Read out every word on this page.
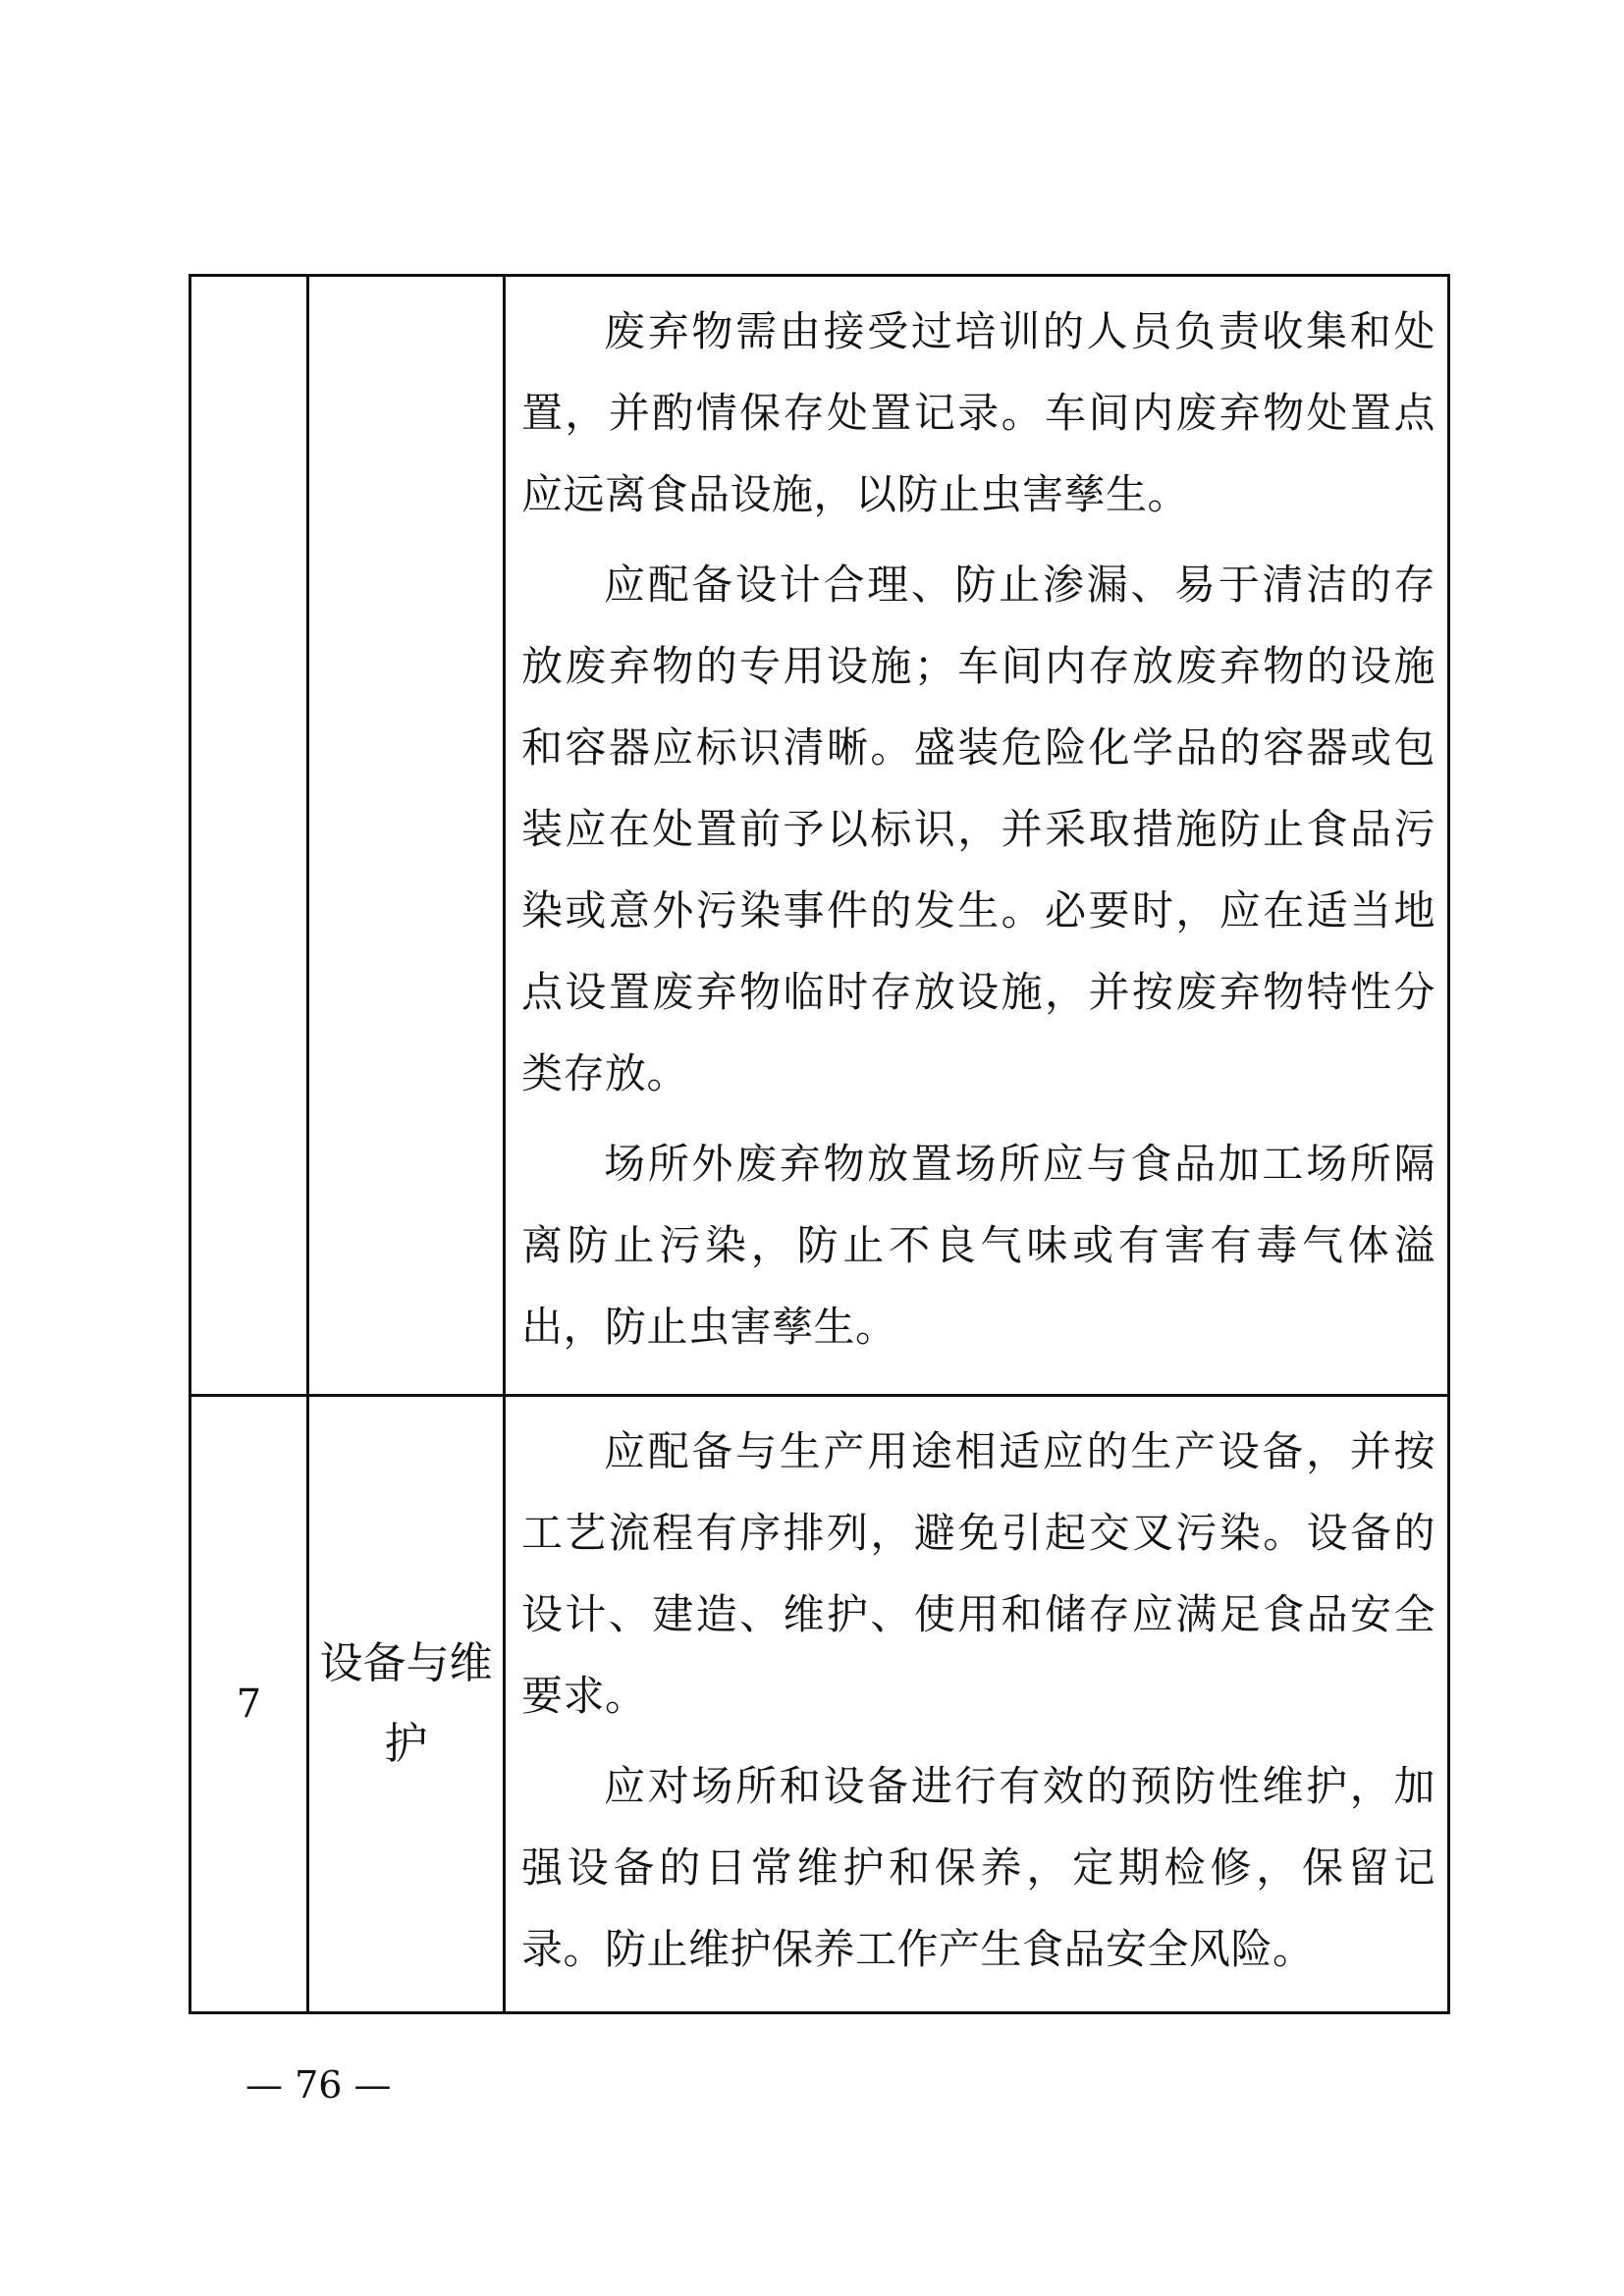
		废弃物需由接受过培训的人员负责收集和处置，并酌情保存处置记录。车间内废弃物处置点应远离食品设施，以防止虫害孳生。

应配备设计合理、防止渗漏、易于清洁的存放废弃物的专用设施；车间内存放废弃物的设施和容器应标识清晰。盛装危险化学品的容器或包装应在处置前予以标识，并采取措施防止食品污染或意外污染事件的发生。必要时，应在适当地点设置废弃物临时存放设施，并按废弃物特性分类存放。

场所外废弃物放置场所应与食品加工场所隔离防止污染，防止不良气味或有害有毒气体溢出，防止虫害孳生。

7	设备与维护	应配备与生产用途相适应的生产设备，并按工艺流程有序排列，避免引起交叉污染。设备的设计、建造、维护、使用和储存应满足食品安全要求。

应对场所和设备进行有效的预防性维护，加强设备的日常维护和保养，定期检修，保留记录。防止维护保养工作产生食品安全风险。

— 76 —
